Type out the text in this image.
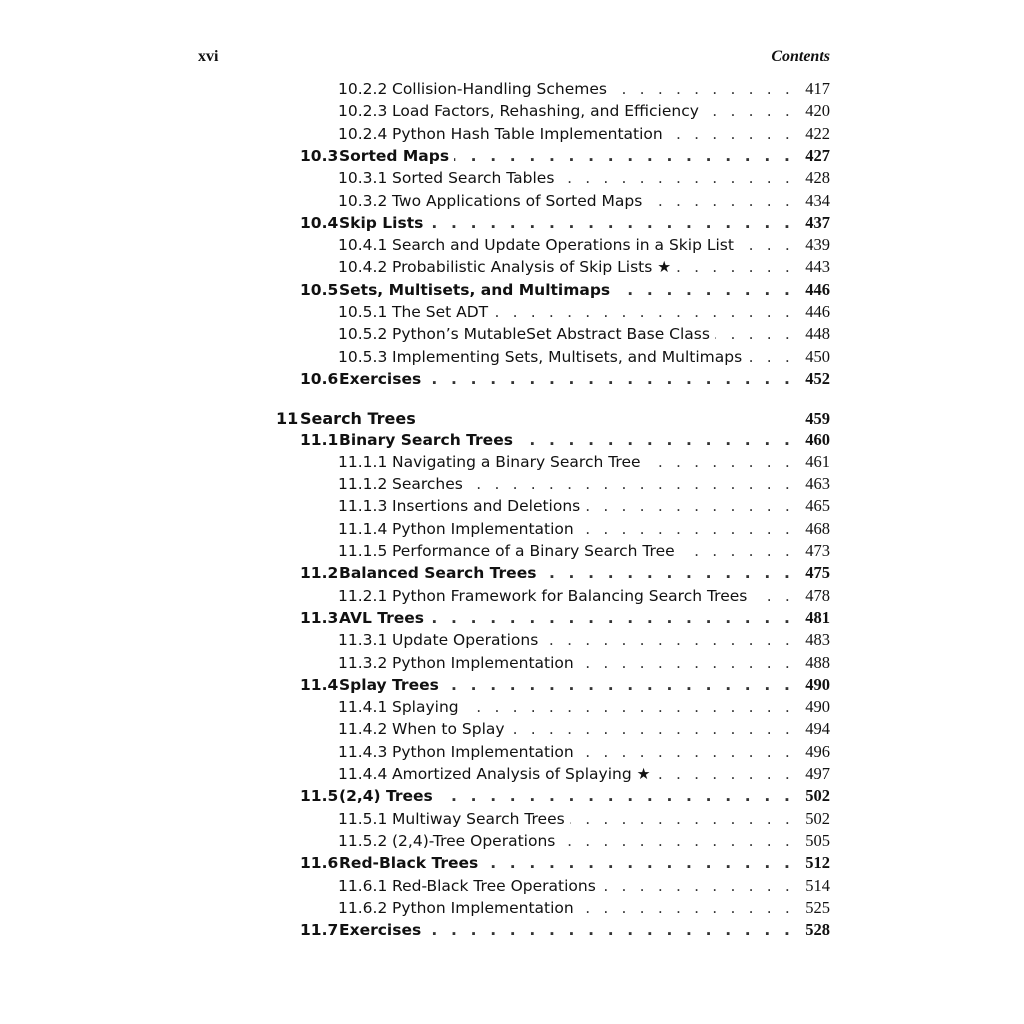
xvi	Contents
10.2.2 . . . Collision-Handling Schemes	417
10.2.3 . . . Load Factors, Rehashing, and Efficiency	420
10.2.4 . . . Python Hash Table Implementation	422
10.3 . . . Sorted Maps	427
10.3.1 . . . Sorted Search Tables	428
10.3.2 . . . Two Applications of Sorted Maps	434
10.4 . . . Skip Lists	437
10.4.1 . . . Search and Update Operations in a Skip List	439
10.4.2 . . . Probabilistic Analysis of Skip Lists ★	443
10.5 . . . Sets, Multisets, and Multimaps	446
10.5.1 . . . The Set ADT	446
10.5.2 . . . Python’s MutableSet Abstract Base Class	448
10.5.3 . . . Implementing Sets, Multisets, and Multimaps	450
10.6 . . . Exercises	452
11 Search Trees	459
11.1 . . . Binary Search Trees	460
11.1.1 . . . Navigating a Binary Search Tree	461
11.1.2 . . . Searches	463
11.1.3 . . . Insertions and Deletions	465
11.1.4 . . . Python Implementation	468
11.1.5 . . . Performance of a Binary Search Tree	473
11.2 . . . Balanced Search Trees	475
11.2.1 . . . Python Framework for Balancing Search Trees	478
11.3 . . . AVL Trees	481
11.3.1 . . . Update Operations	483
11.3.2 . . . Python Implementation	488
11.4 . . . Splay Trees	490
11.4.1 . . . Splaying	490
11.4.2 . . . When to Splay	494
11.4.3 . . . Python Implementation	496
11.4.4 . . . Amortized Analysis of Splaying ★	497
11.5 . . . (2,4) Trees	502
11.5.1 . . . Multiway Search Trees	502
11.5.2 . . . (2,4)-Tree Operations	505
11.6 . . . Red-Black Trees	512
11.6.1 . . . Red-Black Tree Operations	514
11.6.2 . . . Python Implementation	525
11.7 . . . Exercises	528
